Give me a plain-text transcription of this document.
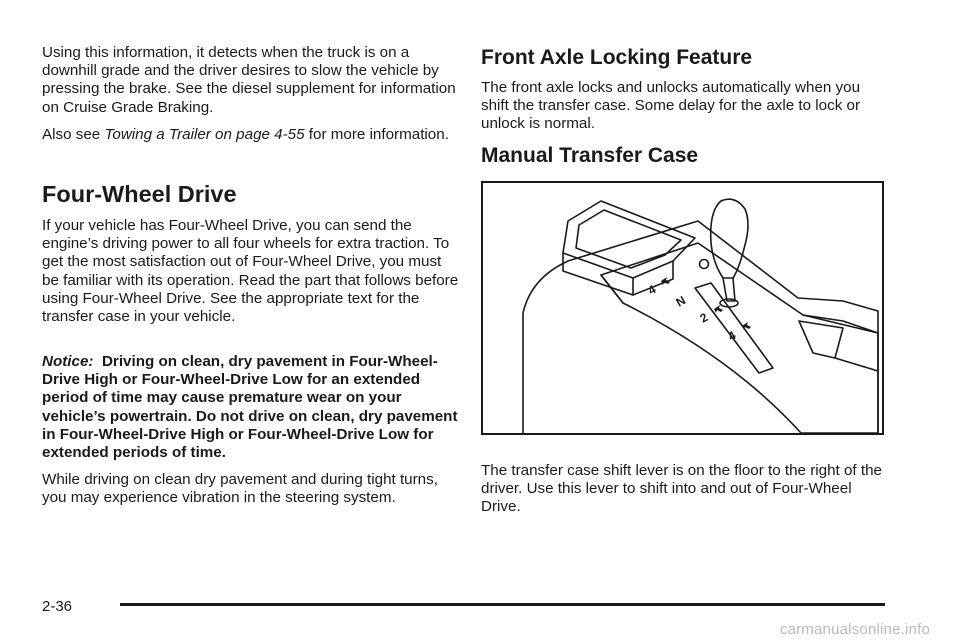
Using this information, it detects when the truck is on a downhill grade and the driver desires to slow the vehicle by pressing the brake. See the diesel supplement for information on Cruise Grade Braking.

Also see Towing a Trailer on page 4-55 for more information.

Four-Wheel Drive

If your vehicle has Four-Wheel Drive, you can send the engine’s driving power to all four wheels for extra traction. To get the most satisfaction out of Four-Wheel Drive, you must be familiar with its operation. Read the part that follows before using Four-Wheel Drive. See the appropriate text for the transfer case in your vehicle.

Notice: Driving on clean, dry pavement in Four-Wheel-Drive High or Four-Wheel-Drive Low for an extended period of time may cause premature wear on your vehicle’s powertrain. Do not drive on clean, dry pavement in Four-Wheel-Drive High or Four-Wheel-Drive Low for extended periods of time.

While driving on clean dry pavement and during tight turns, you may experience vibration in the steering system.

Front Axle Locking Feature

The front axle locks and unlocks automatically when you shift the transfer case. Some delay for the axle to lock or unlock is normal.

Manual Transfer Case

The transfer case shift lever is on the floor to the right of the driver. Use this lever to shift into and out of Four-Wheel Drive.

4
N
2
4
2-36
carmanualsonline.info
